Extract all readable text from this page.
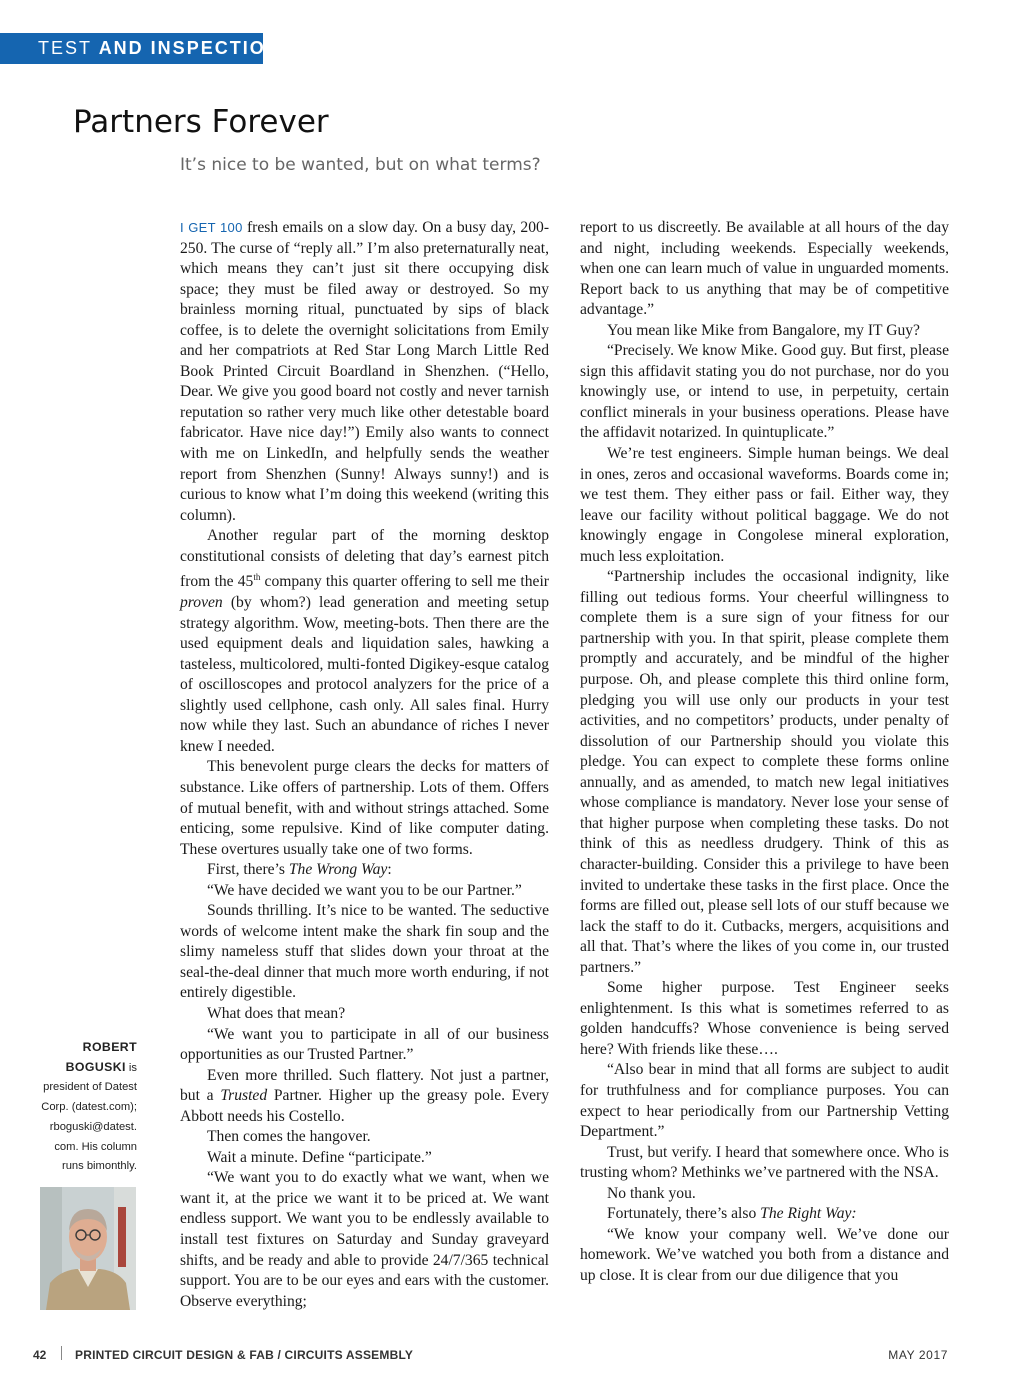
TEST AND INSPECTION
Partners Forever

It’s nice to be wanted, but on what terms?

I GET 100 fresh emails on a slow day. On a busy day, 200-250. The curse of “reply all.” I’m also preternaturally neat, which means they can’t just sit there occupying disk space; they must be filed away or destroyed. So my brainless morning ritual, punctuated by sips of black coffee, is to delete the overnight solicitations from Emily and her compatriots at Red Star Long March Little Red Book Printed Circuit Boardland in Shenzhen. (“Hello, Dear. We give you good board not costly and never tarnish reputation so rather very much like other detestable board fabricator. Have nice day!”) Emily also wants to connect with me on LinkedIn, and helpfully sends the weather report from Shenzhen (Sunny! Always sunny!) and is curious to know what I’m doing this weekend (writing this column).

Another regular part of the morning desktop constitutional consists of deleting that day’s earnest pitch from the 45th company this quarter offering to sell me their proven (by whom?) lead generation and meeting setup strategy algorithm. Wow, meeting-bots. Then there are the used equipment deals and liquidation sales, hawking a tasteless, multicolored, multi-fonted Digikey-esque catalog of oscilloscopes and protocol analyzers for the price of a slightly used cellphone, cash only. All sales final. Hurry now while they last. Such an abundance of riches I never knew I needed.

This benevolent purge clears the decks for matters of substance. Like offers of partnership. Lots of them. Offers of mutual benefit, with and without strings attached. Some enticing, some repulsive. Kind of like computer dating. These overtures usually take one of two forms.

First, there’s The Wrong Way:

“We have decided we want you to be our Partner.”

Sounds thrilling. It’s nice to be wanted. The seductive words of welcome intent make the shark fin soup and the slimy nameless stuff that slides down your throat at the seal-the-deal dinner that much more worth enduring, if not entirely digestible.

What does that mean?

“We want you to participate in all of our business opportunities as our Trusted Partner.”

Even more thrilled. Such flattery. Not just a partner, but a Trusted Partner. Higher up the greasy pole. Every Abbott needs his Costello.

Then comes the hangover.

Wait a minute. Define “participate.”

“We want you to do exactly what we want, when we want it, at the price we want it to be priced at. We want endless support. We want you to be endlessly available to install test fixtures on Saturday and Sunday graveyard shifts, and be ready and able to provide 24/7/365 technical support. You are to be our eyes and ears with the customer. Observe everything;

report to us discreetly. Be available at all hours of the day and night, including weekends. Especially weekends, when one can learn much of value in unguarded moments. Report back to us anything that may be of competitive advantage.”

You mean like Mike from Bangalore, my IT Guy?

“Precisely. We know Mike. Good guy. But first, please sign this affidavit stating you do not purchase, nor do you knowingly use, or intend to use, in perpetuity, certain conflict minerals in your business operations. Please have the affidavit notarized. In quintuplicate.”

We’re test engineers. Simple human beings. We deal in ones, zeros and occasional waveforms. Boards come in; we test them. They either pass or fail. Either way, they leave our facility without political baggage. We do not knowingly engage in Congolese mineral exploration, much less exploitation.

“Partnership includes the occasional indignity, like filling out tedious forms. Your cheerful willingness to complete them is a sure sign of your fitness for our partnership with you. In that spirit, please complete them promptly and accurately, and be mindful of the higher purpose. Oh, and please complete this third online form, pledging you will use only our products in your test activities, and no competitors’ products, under penalty of dissolution of our Partnership should you violate this pledge. You can expect to complete these forms online annually, and as amended, to match new legal initiatives whose compliance is mandatory. Never lose your sense of that higher purpose when completing these tasks. Do not think of this as needless drudgery. Think of this as character-building. Consider this a privilege to have been invited to undertake these tasks in the first place. Once the forms are filled out, please sell lots of our stuff because we lack the staff to do it. Cutbacks, mergers, acquisitions and all that. That’s where the likes of you come in, our trusted partners.”

Some higher purpose. Test Engineer seeks enlightenment. Is this what is sometimes referred to as golden handcuffs? Whose convenience is being served here? With friends like these….

“Also bear in mind that all forms are subject to audit for truthfulness and for compliance purposes. You can expect to hear periodically from our Partnership Vetting Department.”

Trust, but verify. I heard that somewhere once. Who is trusting whom? Methinks we’ve partnered with the NSA.

No thank you.

Fortunately, there’s also The Right Way:

“We know your company well. We’ve done our homework. We’ve watched you both from a distance and up close. It is clear from our due diligence that you

ROBERT
BOGUSKI is
president of Datest
Corp. (datest.com);
rboguski@datest.
com. His column
runs bimonthly.
42 PRINTED CIRCUIT DESIGN & FAB / CIRCUITS ASSEMBLY	MAY 2017
